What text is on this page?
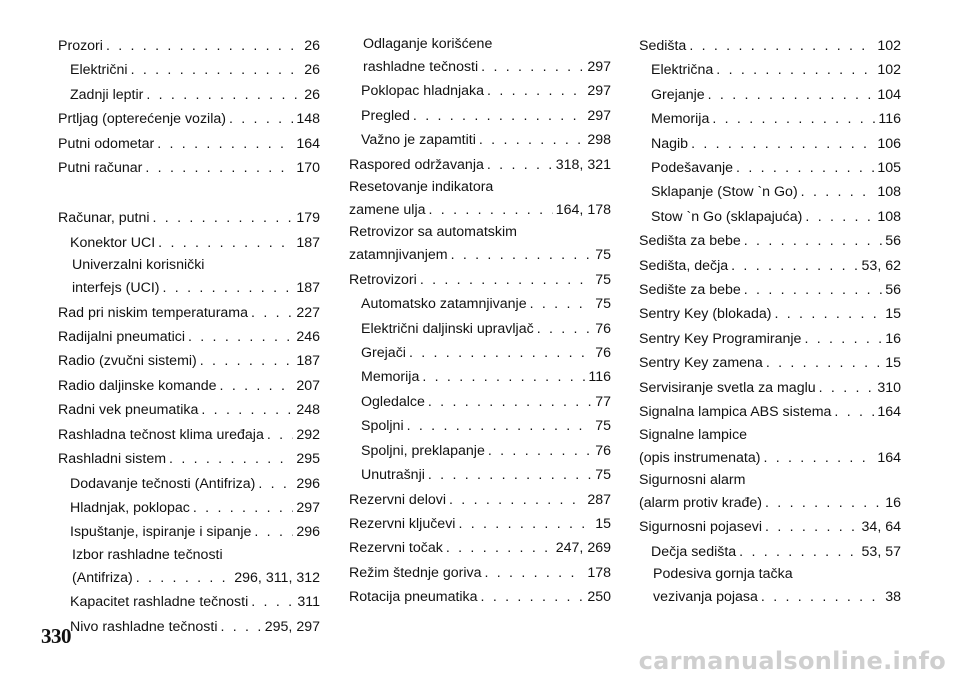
Prozori . . .	26
Električni . . .	26
Zadnji leptir . . .	26
Prtljag (opterećenje vozila) . . .	148
Putni odometar . . .	164
Putni računar . . .	170
Računar, putni . . .	179
Konektor UCI . . .	187
Univerzalni korisnički
interfejs (UCI) . . .	187
Rad pri niskim temperaturama . . .	227
Radijalni pneumatici . . .	246
Radio (zvučni sistemi) . . .	187
Radio daljinske komande . . .	207
Radni vek pneumatika . . .	248
Rashladna tečnost klima uređaja . . . 292
Rashladni sistem . . .	295
Dodavanje tečnosti (Antifriza) . . .	296
Hladnjak, poklopac . . .	297
Ispuštanje, ispiranje i sipanje . . .	296
Izbor rashladne tečnosti
(Antifriza) . . .	296, 311, 312
Kapacitet rashladne tečnosti . . .	311
Nivo rashladne tečnosti . . .	295, 297
Odlaganje korišćene
rashladne tečnosti . . .	297
Poklopac hladnjaka . . .	297
Pregled . . .	297
Važno je zapamtiti . . .	298
Raspored održavanja . . .	318, 321
Resetovanje indikatora
zamene ulja . . .	164, 178
Retrovizor sa automatskim
zatamnjivanjem . . .	75
Retrovizori . . .	75
Automatsko zatamnjivanje . . .	75
Električni daljinski upravljač . . .	76
Grejači . . .	76
Memorija . . .	116
Ogledalce . . .	77
Spoljni . . .	75
Spoljni, preklapanje . . .	76
Unutrašnji . . .	75
Rezervni delovi . . .	287
Rezervni ključevi . . .	15
Rezervni točak . . .	247, 269
Režim štednje goriva . . .	178
Rotacija pneumatika . . .	250
Sedišta . . .	102
Električna . . .	102
Grejanje . . .	104
Memorija . . .	116
Nagib . . .	106
Podešavanje . . .	105
Sklapanje (Stow `n Go) . . .	108
Stow `n Go (sklapajuća) . . .	108
Sedišta za bebe . . .	56
Sedišta, dečja . . .	53, 62
Sedište za bebe . . .	56
Sentry Key (blokada) . . .	15
Sentry Key Programiranje . . .	16
Sentry Key zamena . . .	15
Servisiranje svetla za maglu . . .	310
Signalna lampica ABS sistema . . .	164
Signalne lampice
(opis instrumenata) . . .	164
Sigurnosni alarm
(alarm protiv krađe) . . .	16
Sigurnosni pojasevi . . .	34, 64
Dečja sedišta . . .	53, 57
Podesiva gornja tačka
vezivanja pojasa . . .	38
330
carmanualsonline.info
